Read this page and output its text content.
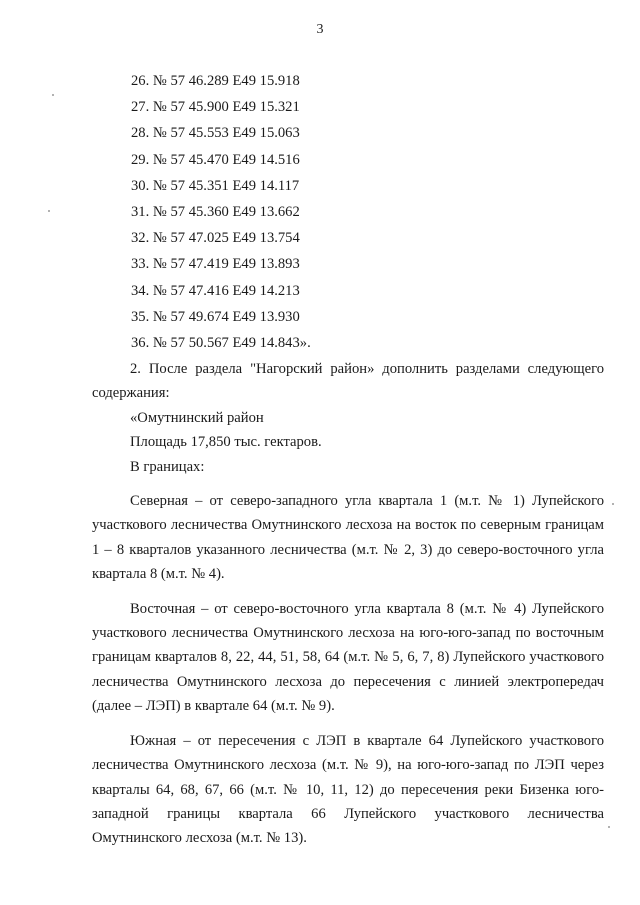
3
26. № 57 46.289 E49 15.918
27. № 57 45.900 E49 15.321
28. № 57 45.553 E49 15.063
29. № 57 45.470 E49 14.516
30. № 57 45.351 E49 14.117
31. № 57 45.360 E49 13.662
32. № 57 47.025 E49 13.754
33. № 57 47.419 E49 13.893
34. № 57 47.416 E49 14.213
35. № 57 49.674 E49 13.930
36. № 57 50.567 E49 14.843».

2. После раздела "Нагорский район» дополнить разделами следующего содержания:

«Омутнинский район

Площадь 17,850 тыс. гектаров.

В границах:

Северная – от северо-западного угла квартала 1 (м.т. № 1) Лупейского участкового лесничества Омутнинского лесхоза на восток по северным границам 1 – 8 кварталов указанного лесничества (м.т. № 2, 3) до северо-восточного угла квартала 8 (м.т. № 4).

Восточная – от северо-восточного угла квартала 8 (м.т. № 4) Лупейского участкового лесничества Омутнинского лесхоза на юго-юго-запад по восточным границам кварталов 8, 22, 44, 51, 58, 64 (м.т. № 5, 6, 7, 8) Лупейского участкового лесничества Омутнинского лесхоза до пересечения с линией электропередач (далее – ЛЭП) в квартале 64 (м.т. № 9).

Южная – от пересечения с ЛЭП в квартале 64 Лупейского участкового лесничества Омутнинского лесхоза (м.т. № 9), на юго-юго-запад по ЛЭП через кварталы 64, 68, 67, 66 (м.т. № 10, 11, 12) до пересечения реки Бизенка юго-западной границы квартала 66 Лупейского участкового лесничества Омутнинского лесхоза (м.т. № 13).
